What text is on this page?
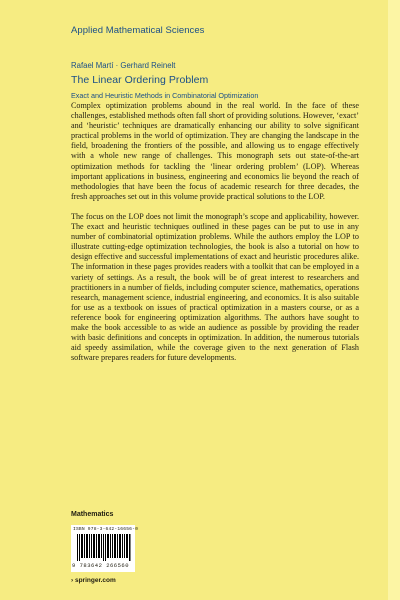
Applied Mathematical Sciences
Rafael Martí · Gerhard Reinelt
The Linear Ordering Problem
Exact and Heuristic Methods in Combinatorial Optimization

Complex optimization problems abound in the real world. In the face of these challenges, established methods often fall short of providing solutions. However, ‘exact’ and ‘heuristic’ techniques are dramatically enhancing our ability to solve significant practical problems in the world of optimization. They are changing the landscape in the field, broadening the frontiers of the possible, and allowing us to engage effectively with a whole new range of challenges. This monograph sets out state-of-the-art optimization methods for tackling the ‘linear ordering problem’ (LOP). Whereas important applications in business, engineering and economics lie beyond the reach of methodologies that have been the focus of academic research for three decades, the fresh approaches set out in this volume provide practical solutions to the LOP.

The focus on the LOP does not limit the monograph’s scope and applicability, however. The exact and heuristic techniques outlined in these pages can be put to use in any number of combinatorial optimization problems. While the authors employ the LOP to illustrate cutting-edge optimization technologies, the book is also a tutorial on how to design effective and successful implementations of exact and heuristic procedures alike. The information in these pages provides readers with a toolkit that can be employed in a variety of settings. As a result, the book will be of great interest to researchers and practitioners in a number of fields, including computer science, mathematics, operations research, management science, industrial engineering, and economics. It is also suitable for use as a textbook on issues of practical optimization in a masters course, or as a reference book for engineering optimization algorithms. The authors have sought to make the book accessible to as wide an audience as possible by providing the reader with basic definitions and concepts in optimization. In addition, the numerous tutorials aid speedy assimilation, while the coverage given to the next generation of Flash software prepares readers for future developments.

Mathematics
ISBN 978-3-642-16656-0
9 783642 266560
› springer.com
